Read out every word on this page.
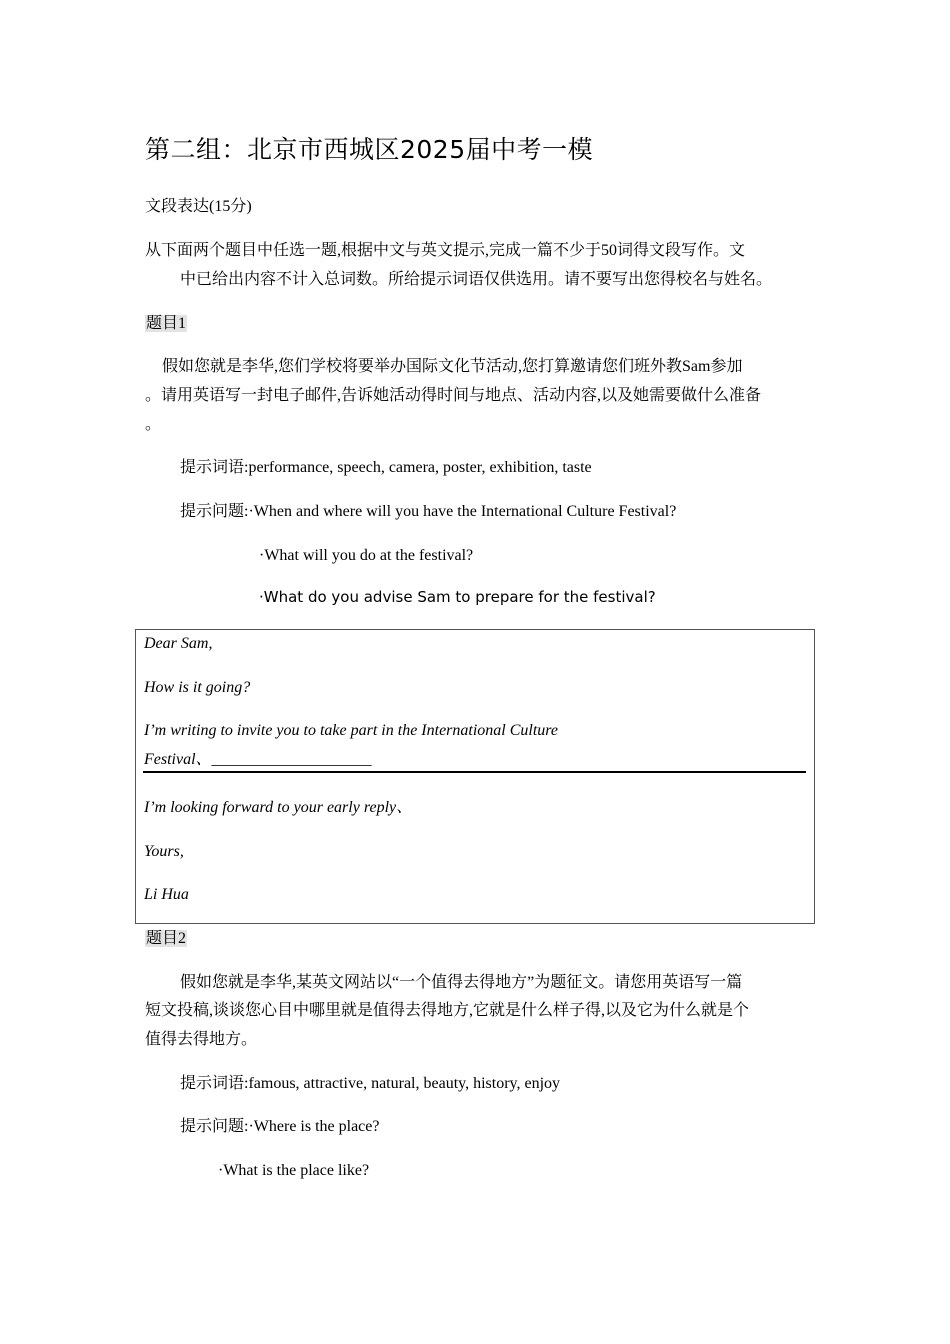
第二组：北京市西城区2025届中考一模
文段表达(15分)
从下面两个题目中任选一题,根据中文与英文提示,完成一篇不少于50词得文段写作。文
中已给出内容不计入总词数。所给提示词语仅供选用。请不要写出您得校名与姓名。
题目1
假如您就是李华,您们学校将要举办国际文化节活动,您打算邀请您们班外教Sam参加
。请用英语写一封电子邮件,告诉她活动得时间与地点、活动内容,以及她需要做什么准备
。
提示词语:performance, speech, camera, poster, exhibition, taste
提示问题:·When and where will you have the International Culture Festival?
·What will you do at the festival?
·What do you advise Sam to prepare for the festival?
Dear Sam,
How is it going?
I’m writing to invite you to take part in the International Culture
Festival、____________________
I’m looking forward to your early reply、
Yours,
Li Hua
题目2
假如您就是李华,某英文网站以“一个值得去得地方”为题征文。请您用英语写一篇
短文投稿,谈谈您心目中哪里就是值得去得地方,它就是什么样子得,以及它为什么就是个
值得去得地方。
提示词语:famous, attractive, natural, beauty, history, enjoy
提示问题:·Where is the place?
·What is the place like?
